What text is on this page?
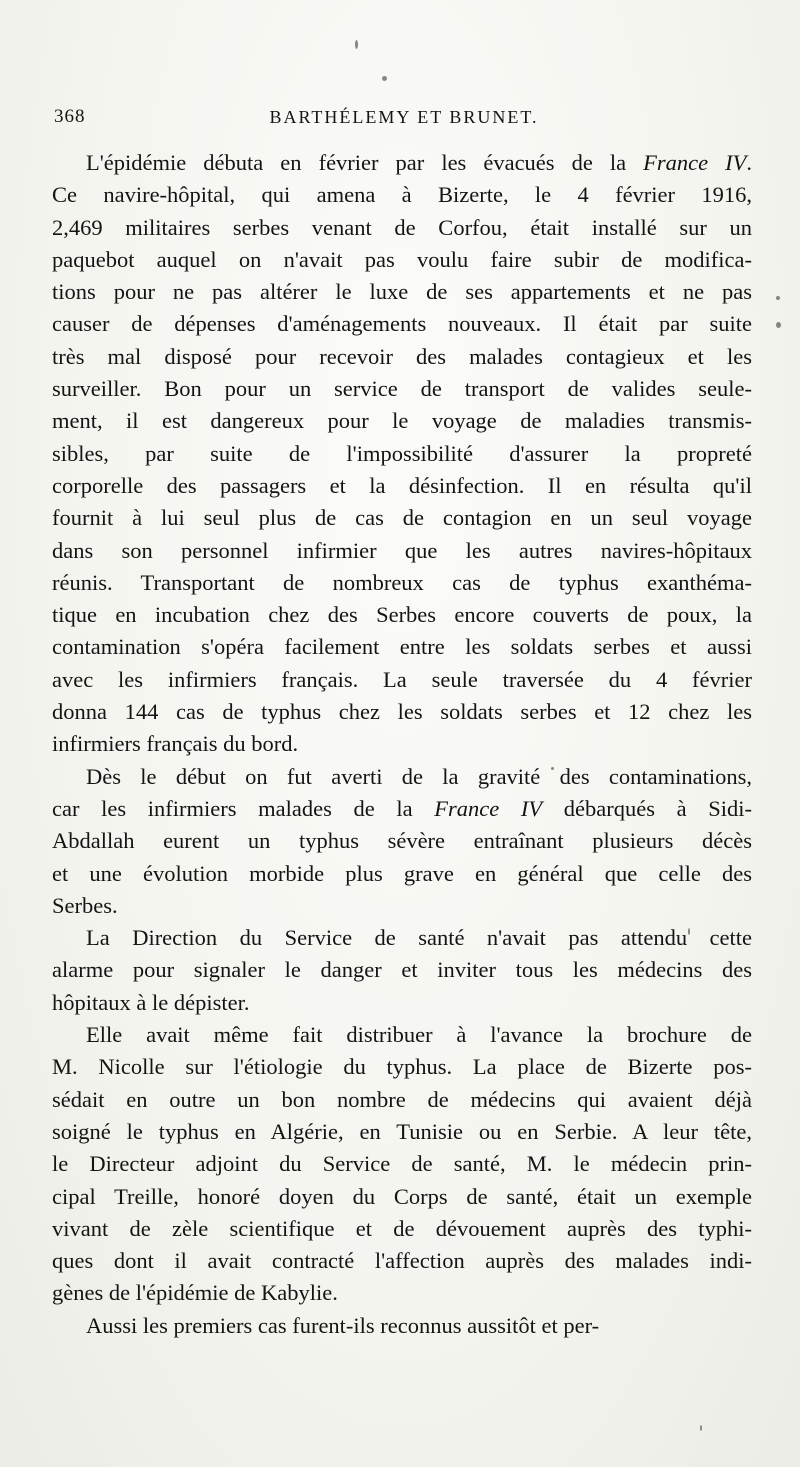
368	BARTHÉLEMY ET BRUNET.
L'épidémie débuta en février par les évacués de la France IV.
Ce navire-hôpital, qui amena à Bizerte, le 4 février 1916,
2,469 militaires serbes venant de Corfou, était installé sur un
paquebot auquel on n'avait pas voulu faire subir de modifica-
tions pour ne pas altérer le luxe de ses appartements et ne pas
causer de dépenses d'aménagements nouveaux. Il était par suite
très mal disposé pour recevoir des malades contagieux et les
surveiller. Bon pour un service de transport de valides seule-
ment, il est dangereux pour le voyage de maladies transmis-
sibles, par suite de l'impossibilité d'assurer la propreté
corporelle des passagers et la désinfection. Il en résulta qu'il
fournit à lui seul plus de cas de contagion en un seul voyage
dans son personnel infirmier que les autres navires-hôpitaux
réunis. Transportant de nombreux cas de typhus exanthéma-
tique en incubation chez des Serbes encore couverts de poux, la
contamination s'opéra facilement entre les soldats serbes et aussi
avec les infirmiers français. La seule traversée du 4 février
donna 144 cas de typhus chez les soldats serbes et 12 chez les
infirmiers français du bord.
Dès le début on fut averti de la gravité des contaminations,
car les infirmiers malades de la France IV débarqués à Sidi-
Abdallah eurent un typhus sévère entraînant plusieurs décès
et une évolution morbide plus grave en général que celle des
Serbes.
La Direction du Service de santé n'avait pas attendu cette
alarme pour signaler le danger et inviter tous les médecins des
hôpitaux à le dépister.
Elle avait même fait distribuer à l'avance la brochure de
M. Nicolle sur l'étiologie du typhus. La place de Bizerte pos-
sédait en outre un bon nombre de médecins qui avaient déjà
soigné le typhus en Algérie, en Tunisie ou en Serbie. A leur tête,
le Directeur adjoint du Service de santé, M. le médecin prin-
cipal Treille, honoré doyen du Corps de santé, était un exemple
vivant de zèle scientifique et de dévouement auprès des typhi-
ques dont il avait contracté l'affection auprès des malades indi-
gènes de l'épidémie de Kabylie.
Aussi les premiers cas furent-ils reconnus aussitôt et per-
